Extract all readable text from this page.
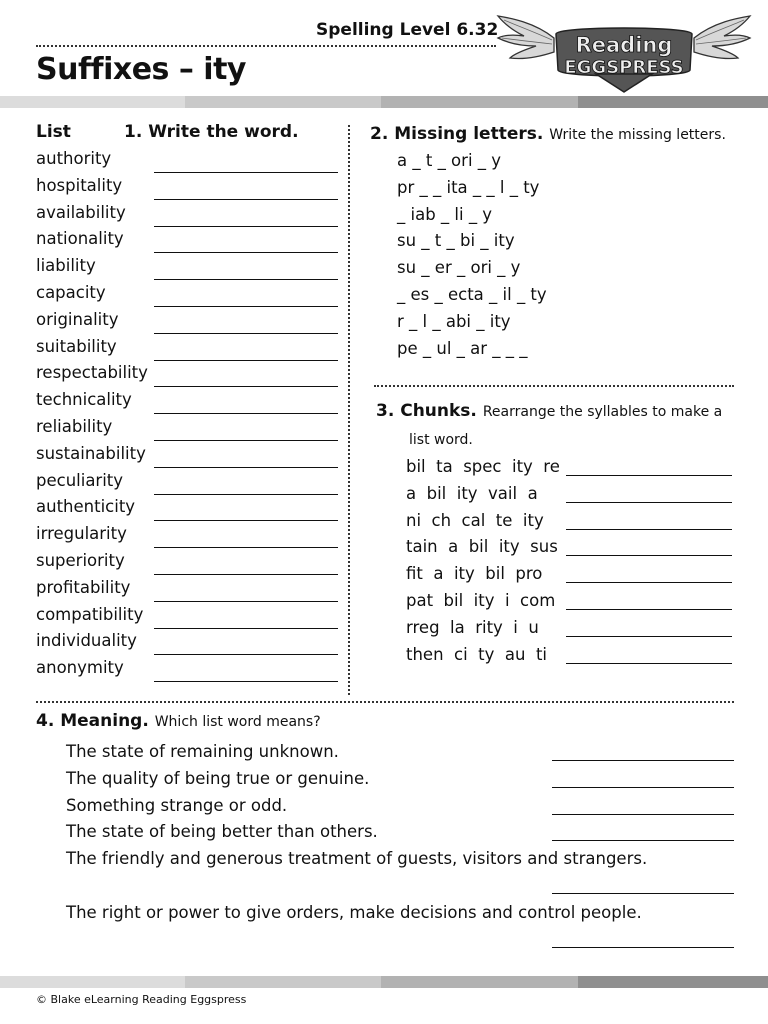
Spelling Level 6.32
Suffixes – ity
Reading
EGGSPRESS
List	1. Write the word.
authority
hospitality
availability
nationality
liability
capacity
originality
suitability
respectability
technicality
reliability
sustainability
peculiarity
authenticity
irregularity
superiority
profitability
compatibility
individuality
anonymity
2. Missing letters. Write the missing letters.
a _ t _ ori _ y
pr _ _ ita _ _ l _ ty
_ iab _ li _ y
su _ t _ bi _ ity
su _ er _ ori _ y
_ es _ ecta _ il _ ty
r _ l _ abi _ ity
pe _ ul _ ar _ _ _
3. Chunks. Rearrange the syllables to make a
list word.
bil  ta  spec  ity  re
a  bil  ity  vail  a
ni  ch  cal  te  ity
tain  a  bil  ity  sus
fit  a  ity  bil  pro
pat  bil  ity  i  com
rreg  la  rity  i  u
then  ci  ty  au  ti
4. Meaning. Which list word means?
The state of remaining unknown.
The quality of being true or genuine.
Something strange or odd.
The state of being better than others.
The friendly and generous treatment of guests, visitors and strangers.
The right or power to give orders, make decisions and control people.
© Blake eLearning Reading Eggspress
